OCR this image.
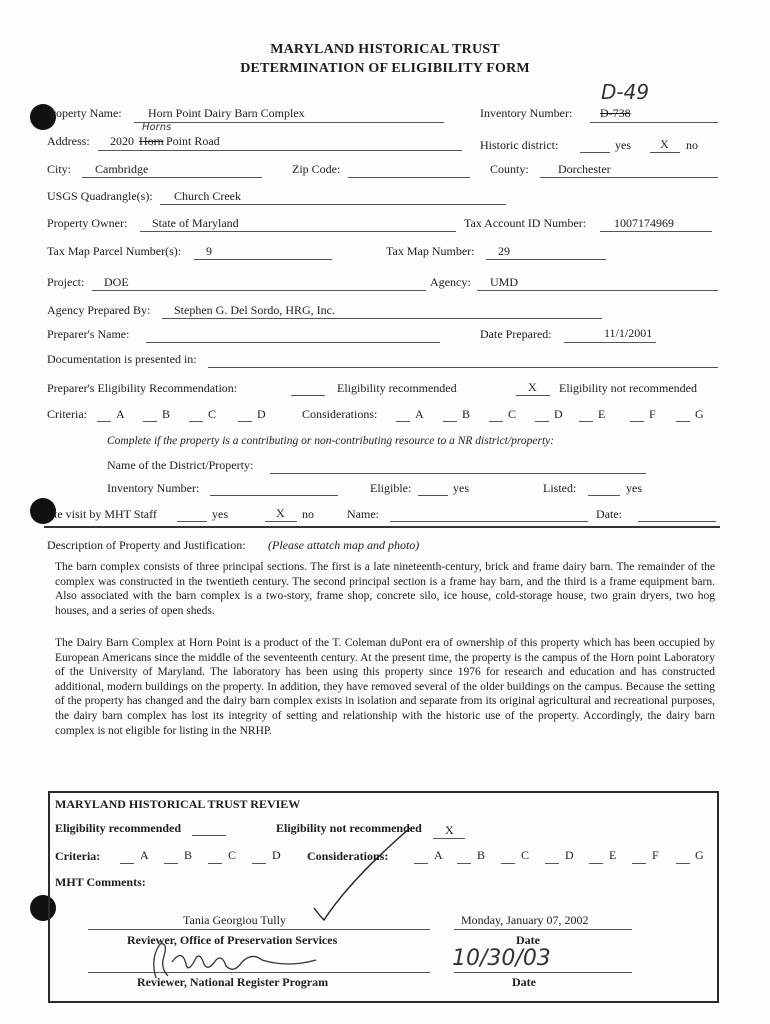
MARYLAND HISTORICAL TRUST
DETERMINATION OF ELIGIBILITY FORM
D-49
roperty Name: Horn Point Dairy Barn Complex	Inventory Number: D-738
Horns
Address: 2020 Horn Point Road	Historic district:	yes X no
City: Cambridge	Zip Code:	County: Dorchester
USGS Quadrangle(s): Church Creek
Property Owner: State of Maryland	Tax Account ID Number: 1007174969
Tax Map Parcel Number(s): 9	Tax Map Number: 29
Project: DOE	Agency: UMD
Agency Prepared By: Stephen G. Del Sordo, HRG, Inc.
Preparer's Name:	Date Prepared:	11/1/2001
Documentation is presented in:
Preparer's Eligibility Recommendation:	Eligibility recommended	X Eligibility not recommended
Criteria: A	B	C	D	Considerations:	A	B	C	D	E	F	G
Complete if the property is a contributing or non-contributing resource to a NR district/property:
Name of the District/Property:
Inventory Number:	Eligible:	yes	Listed:	yes
te visit by MHT Staff	yes	X no	Name:	Date:
Description of Property and Justification: (Please attatch map and photo)
The barn complex consists of three principal sections. The first is a late nineteenth-century, brick and frame dairy barn. The remainder of the complex was constructed in the twentieth century. The second principal section is a frame hay barn, and the third is a frame equipment barn. Also associated with the barn complex is a two-story, frame shop, concrete silo, ice house, cold-storage house, two grain dryers, two hog houses, and a series of open sheds.
The Dairy Barn Complex at Horn Point is a product of the T. Coleman duPont era of ownership of this property which has been occupied by European Americans since the middle of the seventeenth century. At the present time, the property is the campus of the Horn point Laboratory of the University of Maryland. The laboratory has been using this property since 1976 for research and education and has constructed additional, modern buildings on the property. In addition, they have removed several of the older buildings on the campus. Because the setting of the property has changed and the dairy barn complex exists in isolation and separate from its original agricultural and recreational purposes, the dairy barn complex has lost its integrity of setting and relationship with the historic use of the property. Accordingly, the dairy barn complex is not eligible for listing in the NRHP.
MARYLAND HISTORICAL TRUST REVIEW
Eligibility recommended	Eligibility not recommended X
Criteria:	A	B	C	D Considerations:	A	B	C	D	E	F	G
MHT Comments:
Tania Georgiou Tully	Monday, January 07, 2002
Reviewer, Office of Preservation Services	Date
Reviewer, National Register Program	Date
10/30/03
